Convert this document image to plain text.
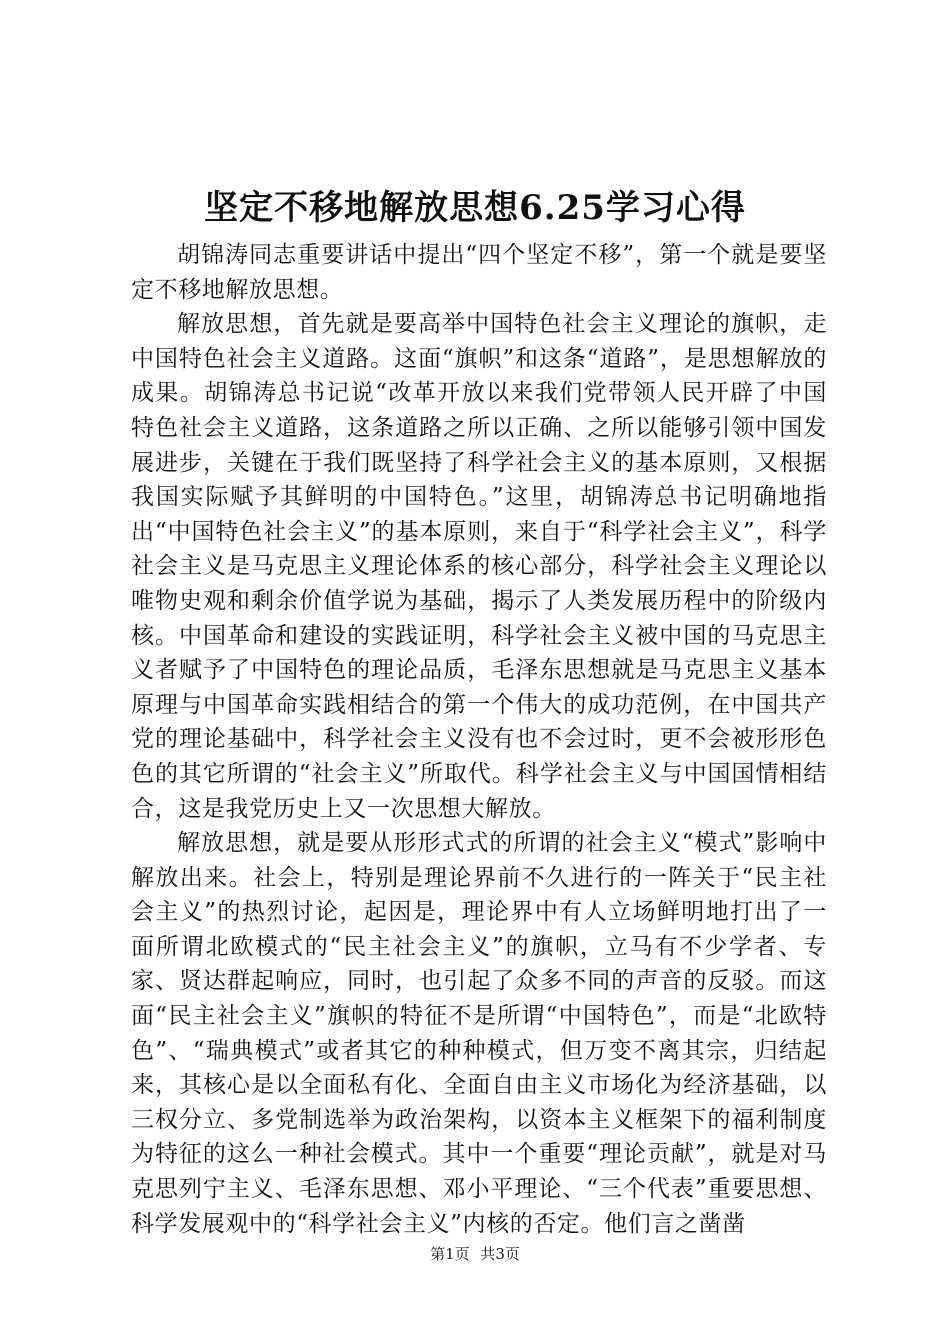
坚定不移地解放思想6.25学习心得

胡锦涛同志重要讲话中提出“四个坚定不移”，第一个就是要坚定不移地解放思想。

解放思想，首先就是要高举中国特色社会主义理论的旗帜，走中国特色社会主义道路。这面“旗帜”和这条“道路”，是思想解放的成果。胡锦涛总书记说“改革开放以来我们党带领人民开辟了中国特色社会主义道路，这条道路之所以正确、之所以能够引领中国发展进步，关键在于我们既坚持了科学社会主义的基本原则，又根据我国实际赋予其鲜明的中国特色。”这里，胡锦涛总书记明确地指出“中国特色社会主义”的基本原则，来自于“科学社会主义”，科学社会主义是马克思主义理论体系的核心部分，科学社会主义理论以唯物史观和剩余价值学说为基础，揭示了人类发展历程中的阶级内核。中国革命和建设的实践证明，科学社会主义被中国的马克思主义者赋予了中国特色的理论品质，毛泽东思想就是马克思主义基本原理与中国革命实践相结合的第一个伟大的成功范例，在中国共产党的理论基础中，科学社会主义没有也不会过时，更不会被形形色色的其它所谓的“社会主义”所取代。科学社会主义与中国国情相结合，这是我党历史上又一次思想大解放。

解放思想，就是要从形形式式的所谓的社会主义“模式”影响中解放出来。社会上，特别是理论界前不久进行的一阵关于“民主社会主义”的热烈讨论，起因是，理论界中有人立场鲜明地打出了一面所谓北欧模式的“民主社会主义”的旗帜，立马有不少学者、专家、贤达群起响应，同时，也引起了众多不同的声音的反驳。而这面“民主社会主义”旗帜的特征不是所谓“中国特色”，而是“北欧特色”、“瑞典模式”或者其它的种种模式，但万变不离其宗，归结起来，其核心是以全面私有化、全面自由主义市场化为经济基础，以三权分立、多党制选举为政治架构，以资本主义框架下的福利制度为特征的这么一种社会模式。其中一个重要“理论贡献”，就是对马克思列宁主义、毛泽东思想、邓小平理论、“三个代表”重要思想、科学发展观中的“科学社会主义”内核的否定。他们言之凿凿

第1页 共3页
